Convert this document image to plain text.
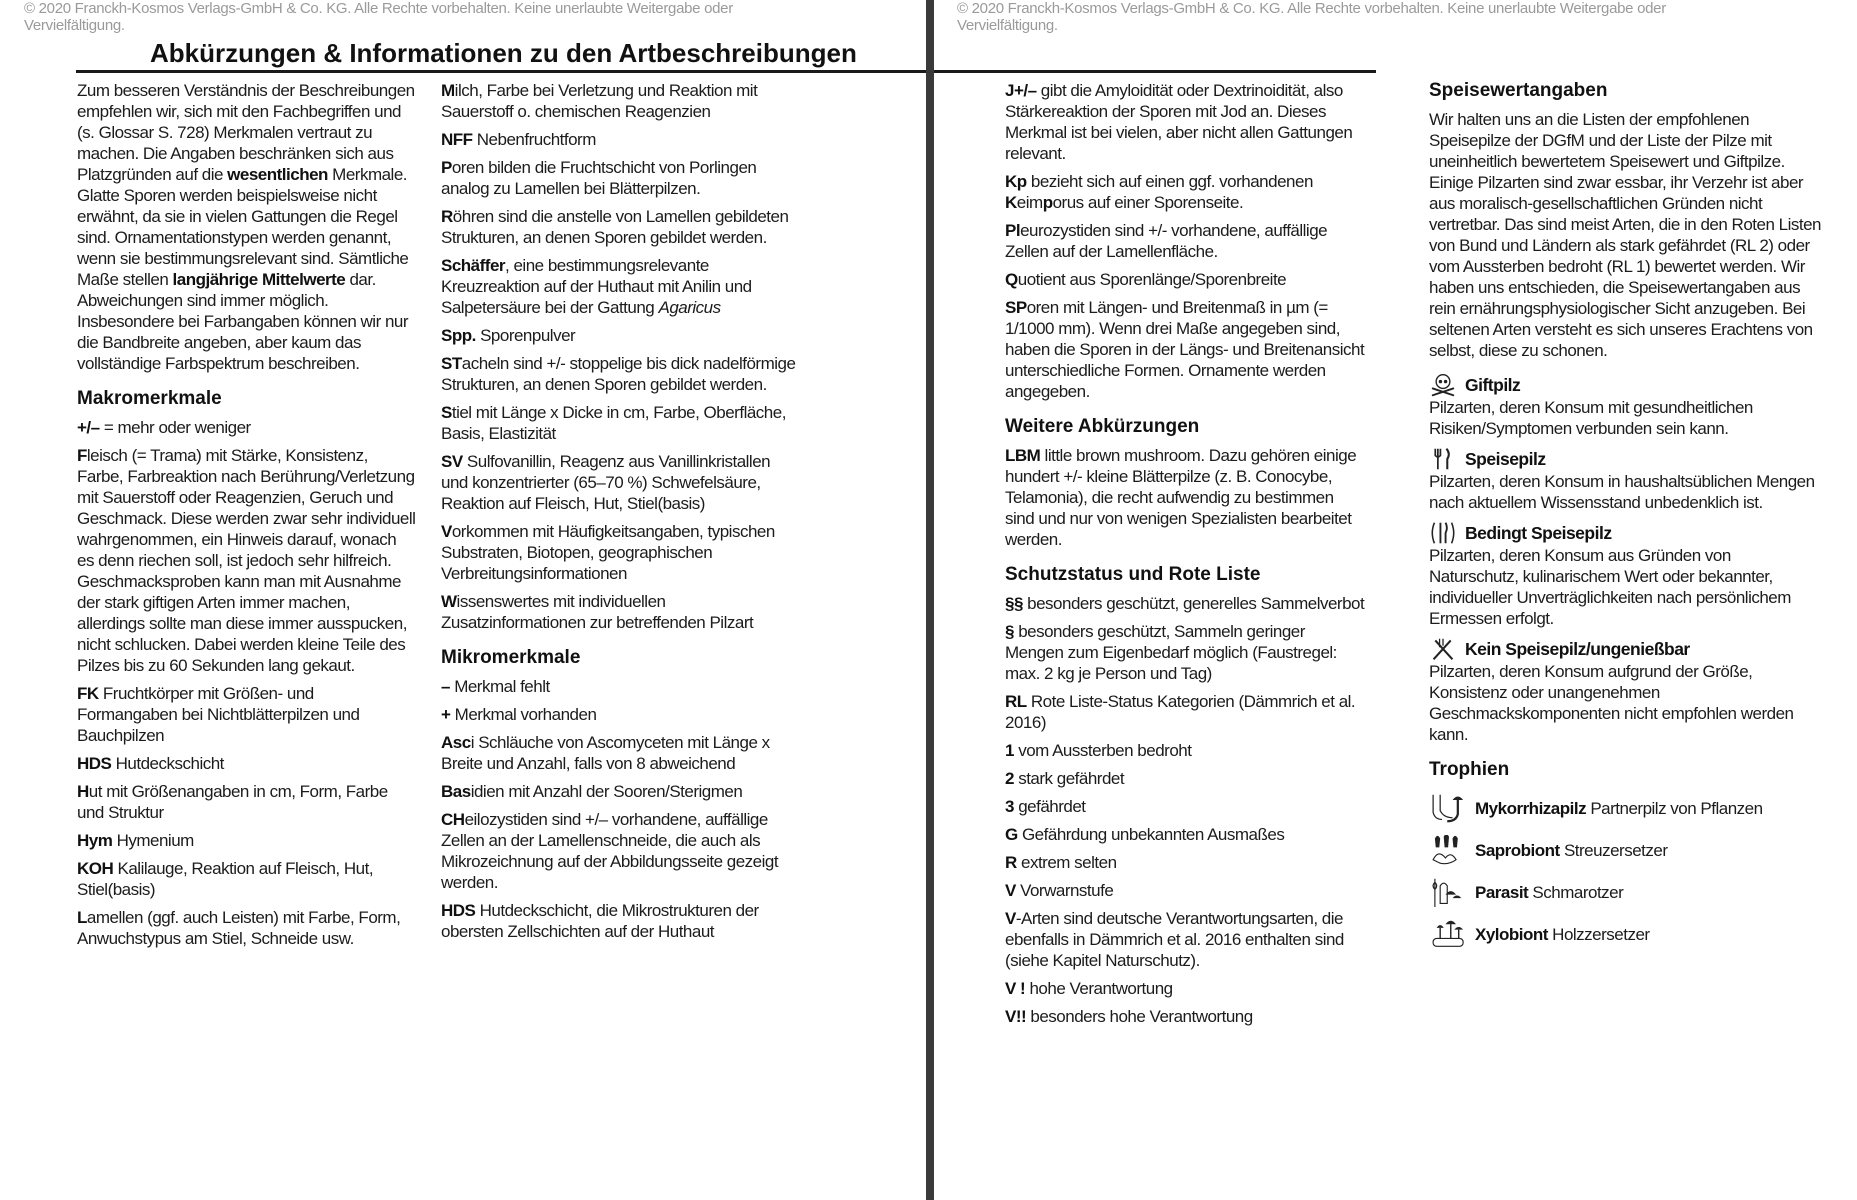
© 2020 Franckh-Kosmos Verlags-GmbH & Co. KG. Alle Rechte vorbehalten. Keine unerlaubte Weitergabe oder
Vervielfältigung.
Abkürzungen & Informationen zu den Artbeschreibungen

Zum besseren Verständnis der Beschreibungen empfehlen wir, sich mit den Fachbegriffen und (s. Glossar S. 728) Merkmalen vertraut zu machen. Die Angaben beschränken sich aus Platzgründen auf die wesentlichen Merkmale. Glatte Sporen werden beispielsweise nicht erwähnt, da sie in vielen Gattungen die Regel sind. Ornamentationstypen werden genannt, wenn sie bestimmungsrelevant sind. Sämtliche Maße stellen langjährige Mittelwerte dar. Abweichungen sind immer möglich. Insbesondere bei Farbangaben können wir nur die Bandbreite angeben, aber kaum das vollständige Farbspektrum beschreiben.

Makromerkmale

+/– = mehr oder weniger

Fleisch (= Trama) mit Stärke, Konsistenz, Farbe, Farbreaktion nach Berührung/Verletzung mit Sauerstoff oder Reagenzien, Geruch und Geschmack. Diese werden zwar sehr individuell wahrgenommen, ein Hinweis darauf, wonach es denn riechen soll, ist jedoch sehr hilfreich. Geschmacksproben kann man mit Ausnahme der stark giftigen Arten immer machen, allerdings sollte man diese immer ausspucken, nicht schlucken. Dabei werden kleine Teile des Pilzes bis zu 60 Sekunden lang gekaut.

FK Fruchtkörper mit Größen- und Formangaben bei Nichtblätterpilzen und Bauchpilzen

HDS Hutdeckschicht

Hut mit Größenangaben in cm, Form, Farbe und Struktur

Hym Hymenium

KOH Kalilauge, Reaktion auf Fleisch, Hut, Stiel(basis)

Lamellen (ggf. auch Leisten) mit Farbe, Form, Anwuchstypus am Stiel, Schneide usw.

Milch, Farbe bei Verletzung und Reaktion mit Sauerstoff o. chemischen Reagenzien

NFF Nebenfruchtform

Poren bilden die Fruchtschicht von Porlingen analog zu Lamellen bei Blätterpilzen.

Röhren sind die anstelle von Lamellen gebildeten Strukturen, an denen Sporen gebildet werden.

Schäffer, eine bestimmungsrelevante Kreuzreaktion auf der Huthaut mit Anilin und Salpetersäure bei der Gattung Agaricus

Spp. Sporenpulver

STacheln sind +/- stoppelige bis dick nadelförmige Strukturen, an denen Sporen gebildet werden.

Stiel mit Länge x Dicke in cm, Farbe, Oberfläche, Basis, Elastizität

SV Sulfovanillin, Reagenz aus Vanillinkristallen und konzentrierter (65–70 %) Schwefelsäure, Reaktion auf Fleisch, Hut, Stiel(basis)

Vorkommen mit Häufigkeitsangaben, typischen Substraten, Biotopen, geographischen Verbreitungsinformationen

Wissenswertes mit individuellen Zusatzinformationen zur betreffenden Pilzart

Mikromerkmale

– Merkmal fehlt

+ Merkmal vorhanden

Asci Schläuche von Ascomyceten mit Länge x Breite und Anzahl, falls von 8 abweichend

Basidien mit Anzahl der Sooren/Sterigmen

CHeilozystiden sind +/– vorhandene, auffällige Zellen an der Lamellenschneide, die auch als Mikrozeichnung auf der Abbildungsseite gezeigt werden.

HDS Hutdeckschicht, die Mikrostrukturen der obersten Zellschichten auf der Huthaut

© 2020 Franckh-Kosmos Verlags-GmbH & Co. KG. Alle Rechte vorbehalten. Keine unerlaubte Weitergabe oder
Vervielfältigung.

J+/– gibt die Amyloidität oder Dextrinoidität, also Stärkereaktion der Sporen mit Jod an. Dieses Merkmal ist bei vielen, aber nicht allen Gattungen relevant.

Kp bezieht sich auf einen ggf. vorhandenen Keimporus auf einer Sporenseite.

Pleurozystiden sind +/- vorhandene, auffällige Zellen auf der Lamellenfläche.

Quotient aus Sporenlänge/Sporenbreite

SPoren mit Längen- und Breitenmaß in µm (= 1/1000 mm). Wenn drei Maße angegeben sind, haben die Sporen in der Längs- und Breitenansicht unterschiedliche Formen. Ornamente werden angegeben.

Weitere Abkürzungen

LBM little brown mushroom. Dazu gehören einige hundert +/- kleine Blätterpilze (z. B. Conocybe, Telamonia), die recht aufwendig zu bestimmen sind und nur von wenigen Spezialisten bearbeitet werden.

Schutzstatus und Rote Liste

§§ besonders geschützt, generelles Sammelverbot

§ besonders geschützt, Sammeln geringer Mengen zum Eigenbedarf möglich (Faustregel: max. 2 kg je Person und Tag)

RL Rote Liste-Status Kategorien (Dämmrich et al. 2016)

1 vom Aussterben bedroht

2 stark gefährdet

3 gefährdet

G Gefährdung unbekannten Ausmaßes

R extrem selten

V Vorwarnstufe

V-Arten sind deutsche Verantwortungsarten, die ebenfalls in Dämmrich et al. 2016 enthalten sind (siehe Kapitel Naturschutz).

V ! hohe Verantwortung

V!! besonders hohe Verantwortung

Speisewertangaben

Wir halten uns an die Listen der empfohlenen Speisepilze der DGfM und der Liste der Pilze mit uneinheitlich bewertetem Speisewert und Giftpilze. Einige Pilzarten sind zwar essbar, ihr Verzehr ist aber aus moralisch-gesellschaftlichen Gründen nicht vertretbar. Das sind meist Arten, die in den Roten Listen von Bund und Ländern als stark gefährdet (RL 2) oder vom Aussterben bedroht (RL 1) bewertet werden. Wir haben uns entschieden, die Speisewertangaben aus rein ernährungsphysiologischer Sicht anzugeben. Bei seltenen Arten versteht es sich unseres Erachtens von selbst, diese zu schonen.

Giftpilz

Pilzarten, deren Konsum mit gesundheitlichen Risiken/Symptomen verbunden sein kann.

Speisepilz

Pilzarten, deren Konsum in haushaltsüblichen Mengen nach aktuellem Wissensstand unbedenklich ist.

Bedingt Speisepilz

Pilzarten, deren Konsum aus Gründen von Naturschutz, kulinarischem Wert oder bekannter, individueller Unverträglichkeiten nach persönlichem Ermessen erfolgt.

Kein Speisepilz/ungenießbar

Pilzarten, deren Konsum aufgrund der Größe, Konsistenz oder unangenehmen Geschmackskomponenten nicht empfohlen werden kann.

Trophien
Mykorrhizapilz Partnerpilz von Pflanzen
Saprobiont Streuzersetzer
Parasit Schmarotzer
Xylobiont Holzzersetzer
